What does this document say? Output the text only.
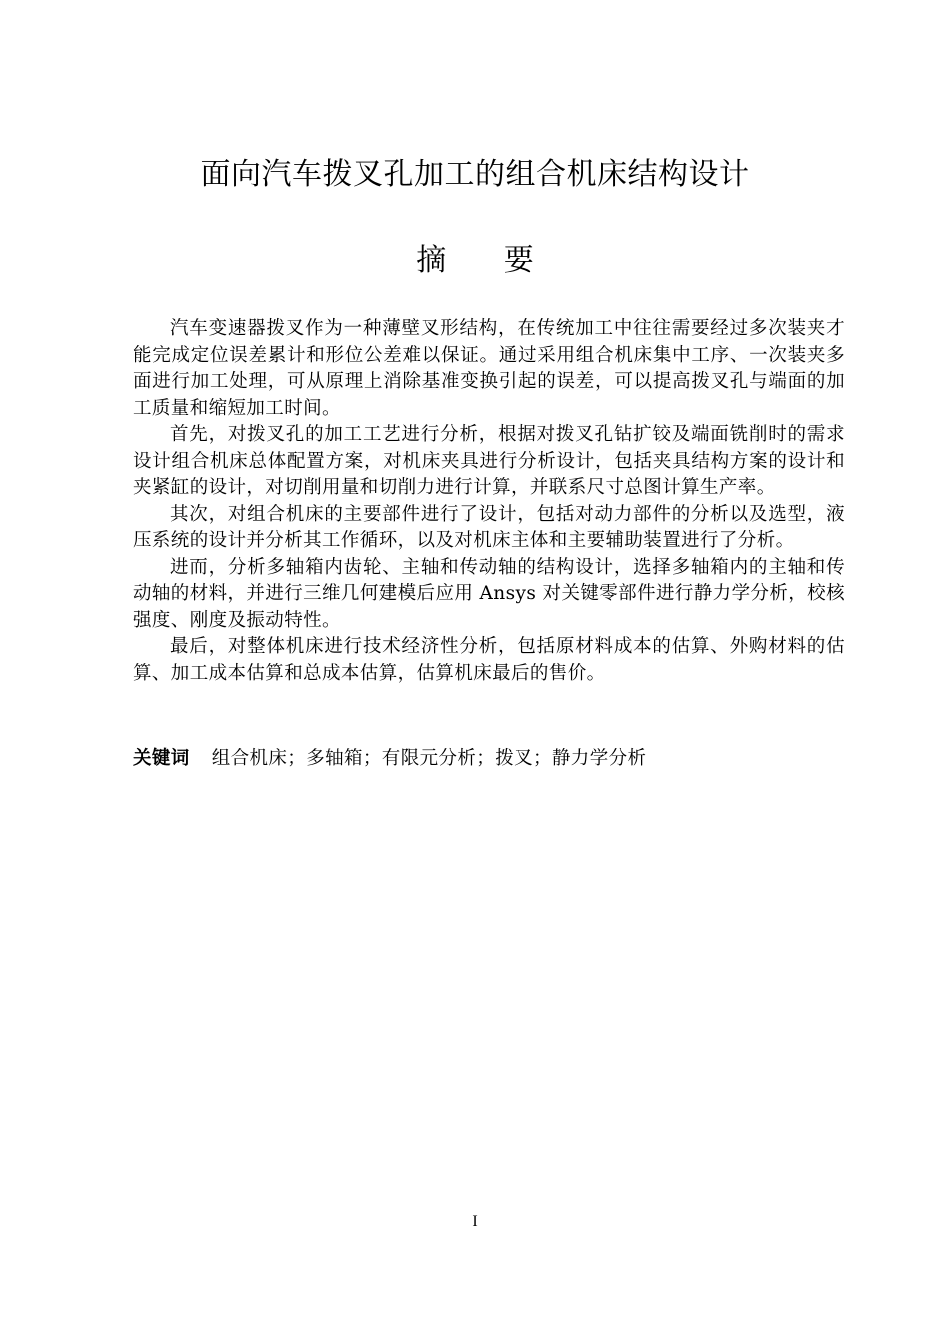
面向汽车拨叉孔加工的组合机床结构设计
摘 要

汽车变速器拨叉作为一种薄壁叉形结构，在传统加工中往往需要经过多次装夹才能完成定位误差累计和形位公差难以保证。通过采用组合机床集中工序、一次装夹多面进行加工处理，可从原理上消除基准变换引起的误差，可以提高拨叉孔与端面的加工质量和缩短加工时间。

首先，对拨叉孔的加工工艺进行分析，根据对拨叉孔钻扩铰及端面铣削时的需求设计组合机床总体配置方案，对机床夹具进行分析设计，包括夹具结构方案的设计和夹紧缸的设计，对切削用量和切削力进行计算，并联系尺寸总图计算生产率。

其次，对组合机床的主要部件进行了设计，包括对动力部件的分析以及选型，液压系统的设计并分析其工作循环，以及对机床主体和主要辅助装置进行了分析。

进而，分析多轴箱内齿轮、主轴和传动轴的结构设计，选择多轴箱内的主轴和传动轴的材料，并进行三维几何建模后应用 Ansys 对关键零部件进行静力学分析，校核强度、刚度及振动特性。

最后，对整体机床进行技术经济性分析，包括原材料成本的估算、外购材料的估算、加工成本估算和总成本估算，估算机床最后的售价。

关键词 组合机床；多轴箱；有限元分析；拨叉；静力学分析

I
